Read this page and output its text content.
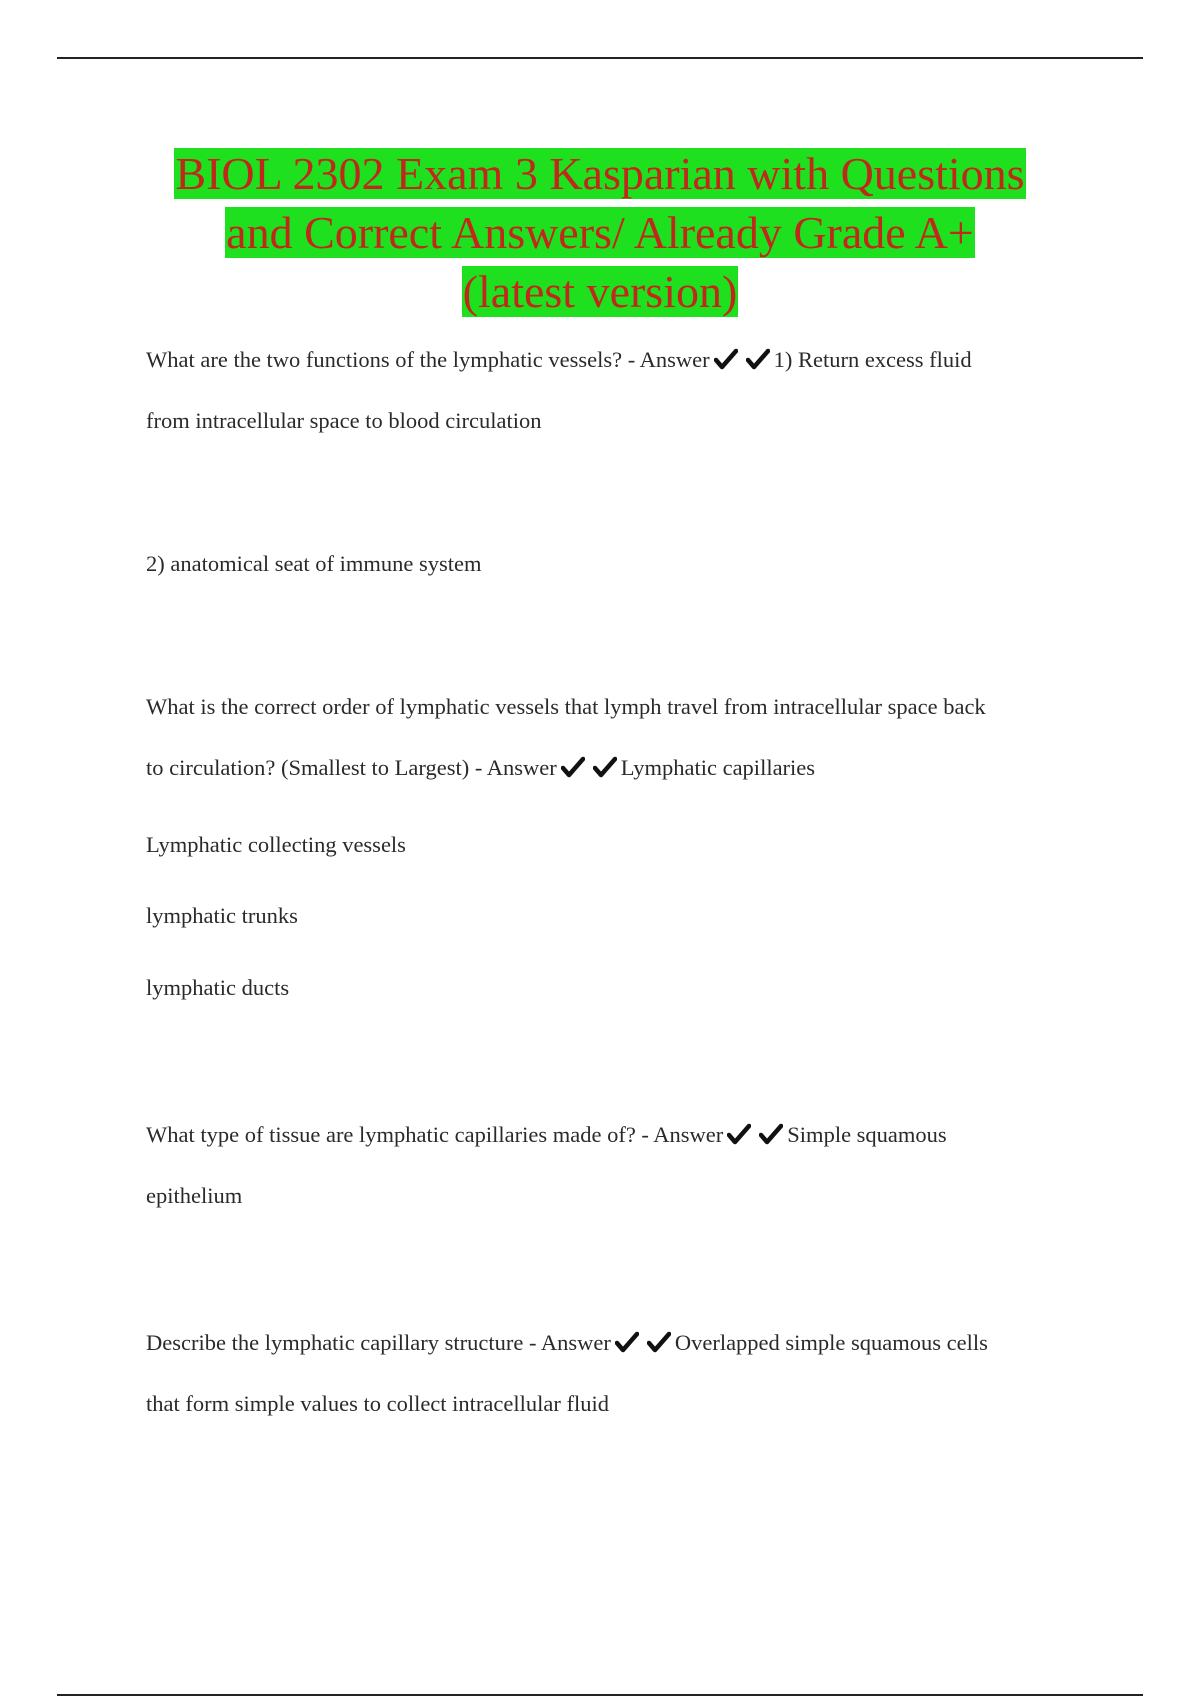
BIOL 2302 Exam 3 Kasparian with Questions
and Correct Answers/ Already Grade A+
(latest version)
What are the two functions of the lymphatic vessels? - Answer	1) Return excess fluid
from intracellular space to blood circulation
2) anatomical seat of immune system
What is the correct order of lymphatic vessels that lymph travel from intracellular space back
to circulation? (Smallest to Largest) - Answer	Lymphatic capillaries
Lymphatic collecting vessels
lymphatic trunks
lymphatic ducts
What type of tissue are lymphatic capillaries made of? - Answer	Simple squamous
epithelium
Describe the lymphatic capillary structure - Answer	Overlapped simple squamous cells
that form simple values to collect intracellular fluid
